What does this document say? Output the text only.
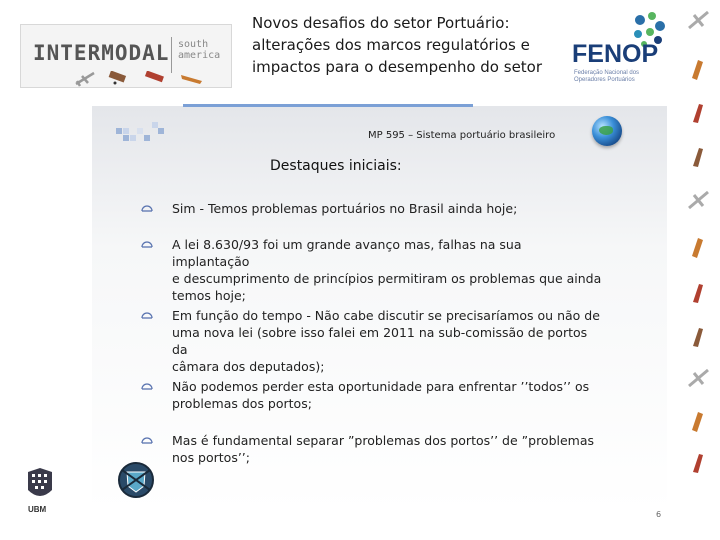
INTERMODAL south
america
Novos desafios do setor Portuário:
alterações dos marcos regulatórios e
impactos para o desempenho do setor	FENOP
Federação Nacional dos
Operadores Portuários
MP 595 – Sistema portuário brasileiro
Destaques iniciais:
Sim - Temos problemas portuários no Brasil ainda hoje;
A lei 8.630/93 foi um grande avanço mas, falhas na sua implantação
e descumprimento de princípios permitiram os problemas que ainda
temos hoje;
Em função do tempo - Não cabe discutir se precisaríamos ou não de
uma nova lei (sobre isso falei em 2011 na sub-comissão de portos da
câmara dos deputados);
Não podemos perder esta oportunidade para enfrentar ’’todos’’ os
problemas dos portos;
Mas é fundamental separar ”problemas dos portos’’ de ”problemas
nos portos’’;
6
UBM
